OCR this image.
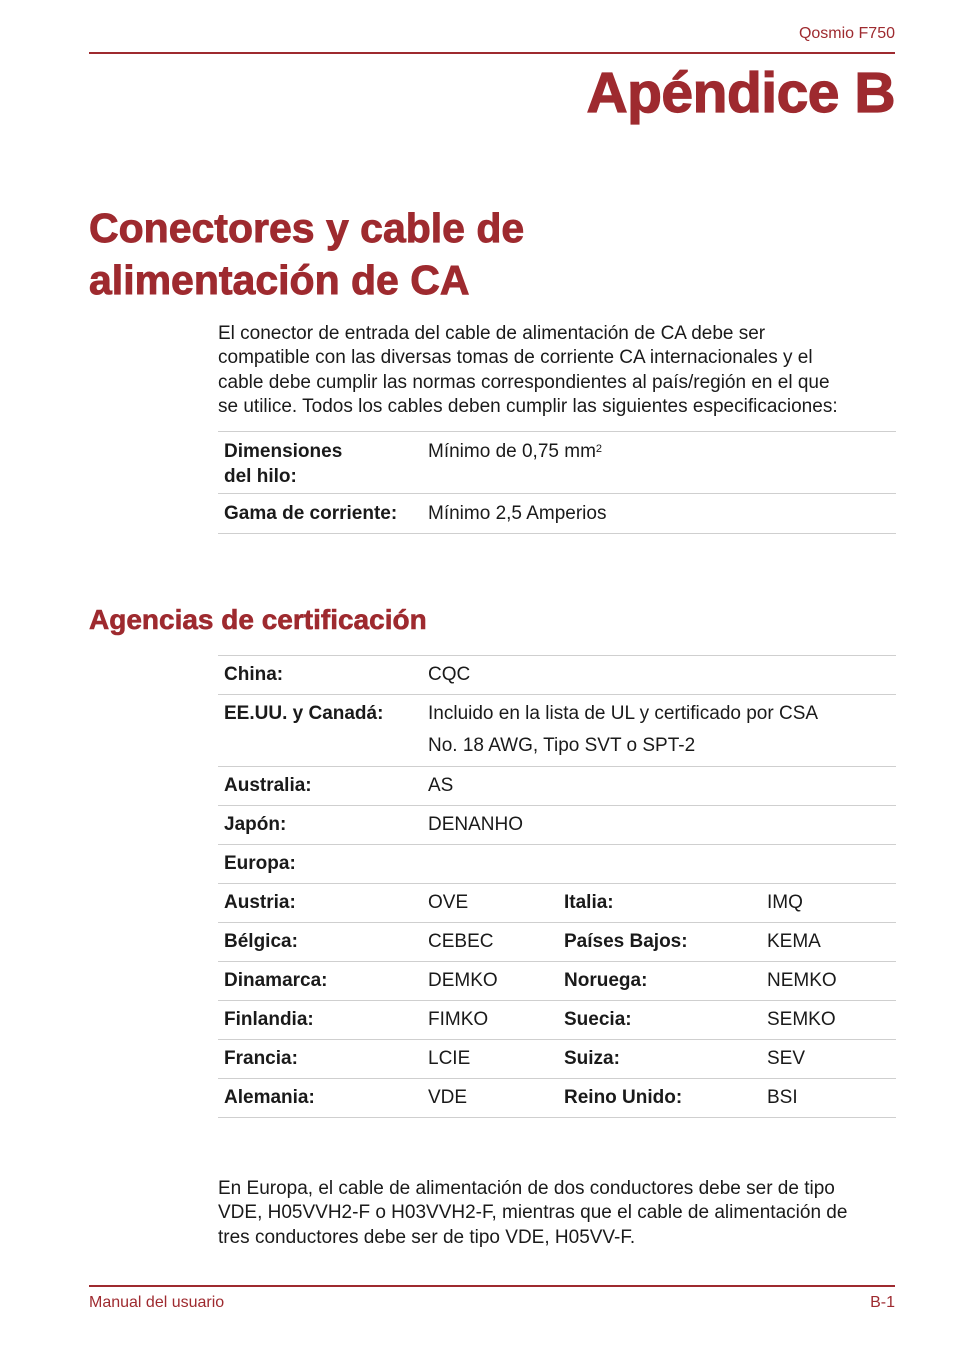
Qosmio F750
Apéndice B
Conectores y cable de
alimentación de CA

El conector de entrada del cable de alimentación de CA debe ser
compatible con las diversas tomas de corriente CA internacionales y el
cable debe cumplir las normas correspondientes al país/región en el que
se utilice. Todos los cables deben cumplir las siguientes especificaciones:

Dimensiones
del hilo:	Mínimo de 0,75 $mm^2$
Gama de corriente:	Mínimo 2,5 Amperios
Agencias de certificación
China:	CQC		
EE.UU. y Canadá:	Incluido en la lista de UL y certificado por CSA
No. 18 AWG, Tipo SVT o SPT-2		

Australia:	AS		
Japón:	DENANHO		
Europa:			
Austria:	OVE	Italia:	IMQ
Bélgica:	CEBEC	Países Bajos:	KEMA
Dinamarca:	DEMKO	Noruega:	NEMKO
Finlandia:	FIMKO	Suecia:	SEMKO
Francia:	LCIE	Suiza:	SEV
Alemania:	VDE	Reino Unido:	BSI

En Europa, el cable de alimentación de dos conductores debe ser de tipo
VDE, H05VVH2-F o H03VVH2-F, mientras que el cable de alimentación de
tres conductores debe ser de tipo VDE, H05VV-F.

Manual del usuario	B-1
